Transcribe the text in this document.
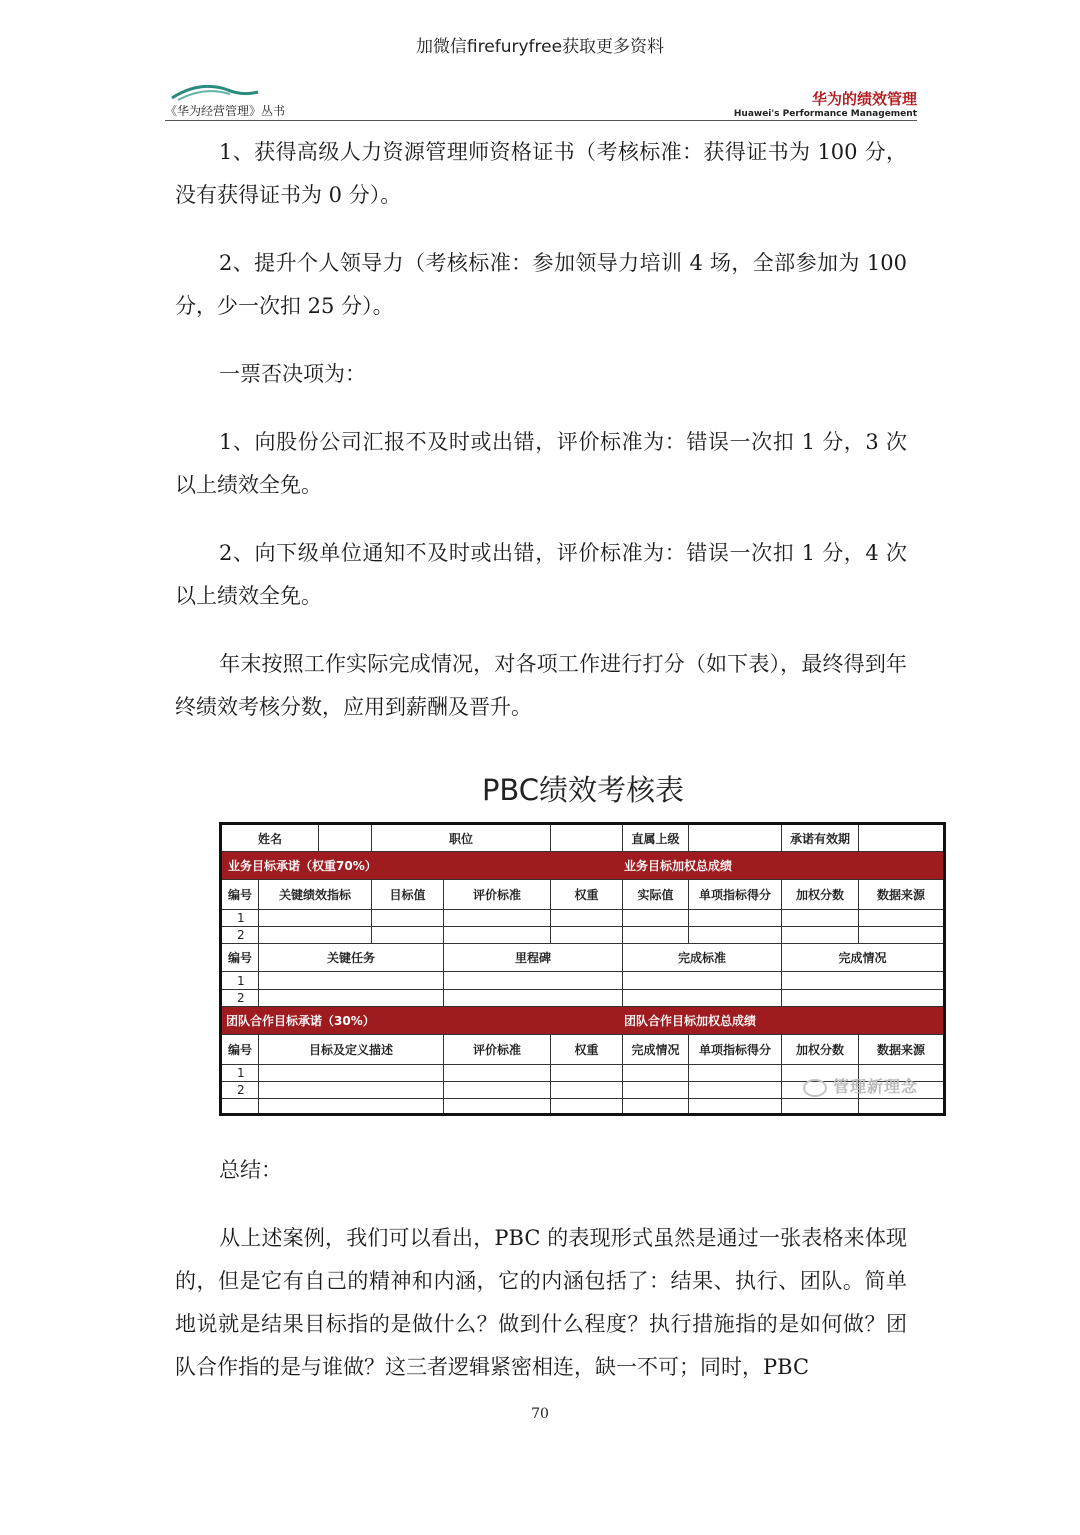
加微信firefuryfree获取更多资料
《华为经营管理》丛书
华为的绩效管理
Huawei's Performance Management

1、获得高级人力资源管理师资格证书（考核标准：获得证书为 100 分，没有获得证书为 0 分）。

2、提升个人领导力（考核标准：参加领导力培训 4 场，全部参加为 100 分，少一次扣 25 分）。

一票否决项为：

1、向股份公司汇报不及时或出错，评价标准为：错误一次扣 1 分，3 次以上绩效全免。

2、向下级单位通知不及时或出错，评价标准为：错误一次扣 1 分，4 次以上绩效全免。

年末按照工作实际完成情况，对各项工作进行打分（如下表），最终得到年终绩效考核分数，应用到薪酬及晋升。

PBC绩效考核表
姓名	职位	直属上级	承诺有效期
业务目标承诺（权重70%）	业务目标加权总成绩
编号	关键绩效指标	目标值	评价标准	权重	实际值	单项指标得分	加权分数	数据来源
1
2
编号	关键任务	里程碑	完成标准	完成情况
1
2
团队合作目标承诺（30%）	团队合作目标加权总成绩
编号	目标及定义描述	评价标准	权重	完成情况	单项指标得分	加权分数	数据来源
1
2	管理新理念

总结：

从上述案例，我们可以看出，PBC 的表现形式虽然是通过一张表格来体现的，但是它有自己的精神和内涵，它的内涵包括了：结果、执行、团队。简单地说就是结果目标指的是做什么？做到什么程度？执行措施指的是如何做？团队合作指的是与谁做？这三者逻辑紧密相连，缺一不可；同时，PBC

70
